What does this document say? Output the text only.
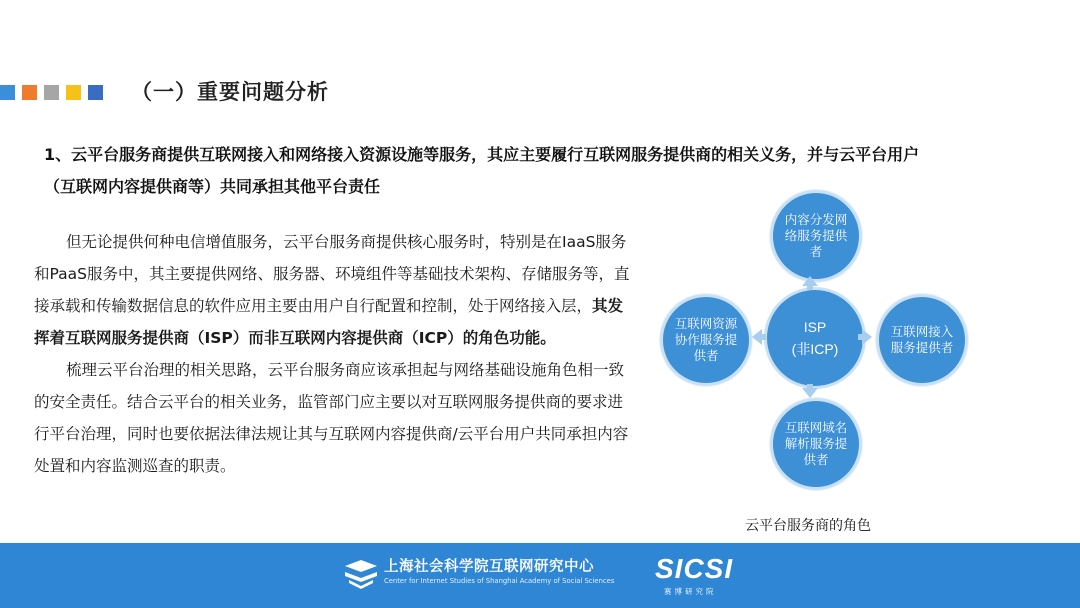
（一）重要问题分析
1、云平台服务商提供互联网接入和网络接入资源设施等服务，其应主要履行互联网服务提供商的相关义务，并与云平台用户
（互联网内容提供商等）共同承担其他平台责任

但无论提供何种电信增值服务，云平台服务商提供核心服务时，特别是在IaaS服务和PaaS服务中，其主要提供网络、服务器、环境组件等基础技术架构、存储服务等，直接承载和传输数据信息的软件应用主要由用户自行配置和控制，处于网络接入层，其发挥着互联网服务提供商（ISP）而非互联网内容提供商（ICP）的角色功能。

梳理云平台治理的相关思路，云平台服务商应该承担起与网络基础设施角色相一致的安全责任。结合云平台的相关业务，监管部门应主要以对互联网服务提供商的要求进行平台治理，同时也要依据法律法规让其与互联网内容提供商/云平台用户共同承担内容处置和内容监测巡查的职责。

内容分发网络服务提供者
互联网资源协作服务提供者
ISP
(非ICP)
互联网接入服务提供者
互联网域名解析服务提供者
云平台服务商的角色
上海社会科学院互联网研究中心
Center for Internet Studies of Shanghai Academy of Social Sciences SICSI
赛博研究院
